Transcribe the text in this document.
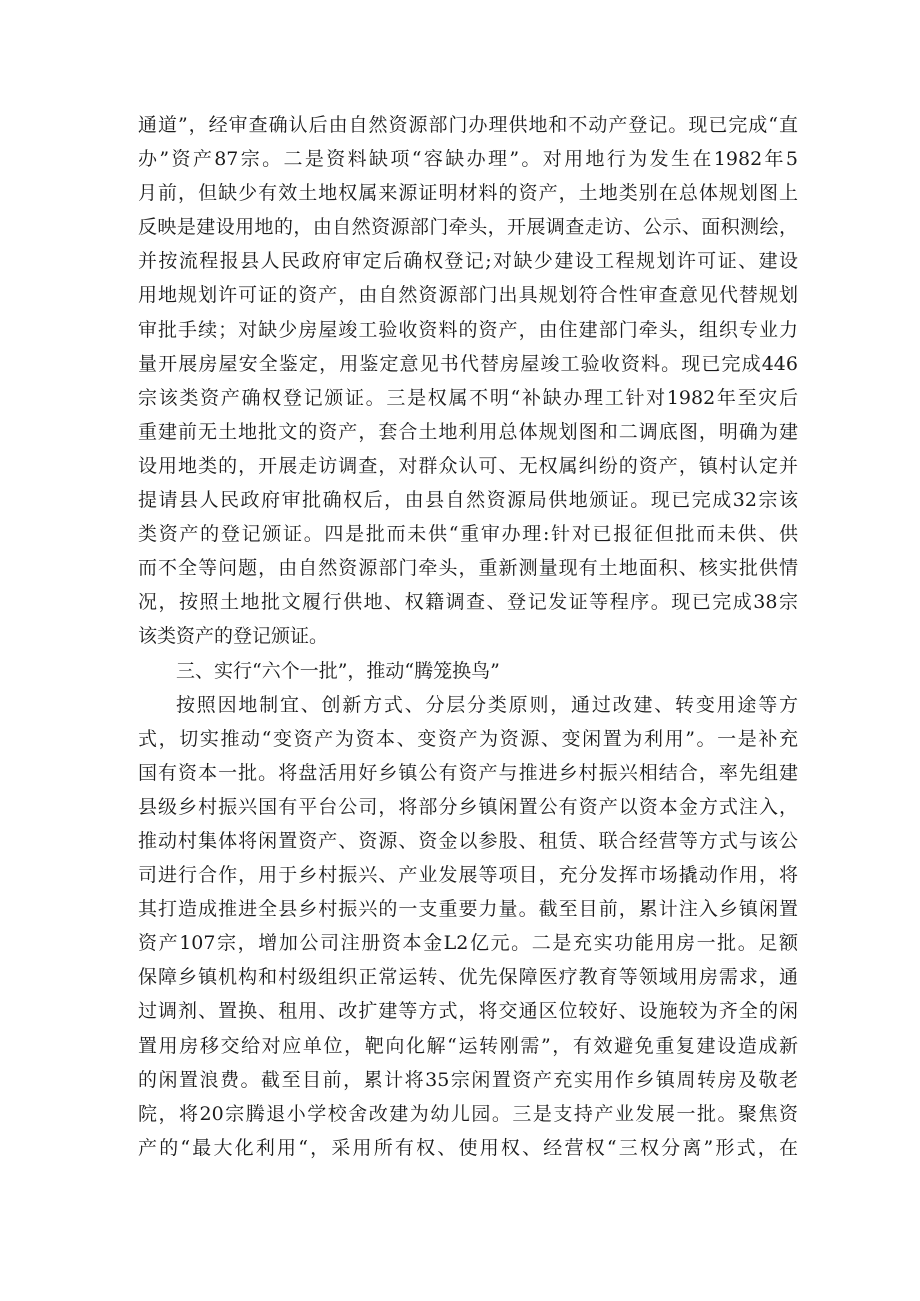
通道”，经审查确认后由自然资源部门办理供地和不动产登记。现已完成“直
办”资产87宗。二是资料缺项“容缺办理”。对用地行为发生在1982年5
月前，但缺少有效土地权属来源证明材料的资产，土地类别在总体规划图上
反映是建设用地的，由自然资源部门牵头，开展调查走访、公示、面积测绘，
并按流程报县人民政府审定后确权登记;对缺少建设工程规划许可证、建设
用地规划许可证的资产，由自然资源部门出具规划符合性审查意见代替规划
审批手续；对缺少房屋竣工验收资料的资产，由住建部门牵头，组织专业力
量开展房屋安全鉴定，用鉴定意见书代替房屋竣工验收资料。现已完成446
宗该类资产确权登记颁证。三是权属不明“补缺办理工针对1982年至灾后
重建前无土地批文的资产，套合土地利用总体规划图和二调底图，明确为建
设用地类的，开展走访调查，对群众认可、无权属纠纷的资产，镇村认定并
提请县人民政府审批确权后，由县自然资源局供地颁证。现已完成32宗该
类资产的登记颁证。四是批而未供“重审办理:针对已报征但批而未供、供
而不全等问题，由自然资源部门牵头，重新测量现有土地面积、核实批供情
况，按照土地批文履行供地、权籍调查、登记发证等程序。现已完成38宗
该类资产的登记颁证。
三、实行“六个一批”，推动“腾笼换鸟”
按照因地制宜、创新方式、分层分类原则，通过改建、转变用途等方
式，切实推动“变资产为资本、变资产为资源、变闲置为利用”。一是补充
国有资本一批。将盘活用好乡镇公有资产与推进乡村振兴相结合，率先组建
县级乡村振兴国有平台公司，将部分乡镇闲置公有资产以资本金方式注入，
推动村集体将闲置资产、资源、资金以参股、租赁、联合经营等方式与该公
司进行合作，用于乡村振兴、产业发展等项目，充分发挥市场撬动作用，将
其打造成推进全县乡村振兴的一支重要力量。截至目前，累计注入乡镇闲置
资产107宗，增加公司注册资本金L2亿元。二是充实功能用房一批。足额
保障乡镇机构和村级组织正常运转、优先保障医疗教育等领域用房需求，通
过调剂、置换、租用、改扩建等方式，将交通区位较好、设施较为齐全的闲
置用房移交给对应单位，靶向化解“运转刚需”，有效避免重复建设造成新
的闲置浪费。截至目前，累计将35宗闲置资产充实用作乡镇周转房及敬老
院，将20宗腾退小学校舍改建为幼儿园。三是支持产业发展一批。聚焦资
产的“最大化利用“，采用所有权、使用权、经营权“三权分离”形式，在
